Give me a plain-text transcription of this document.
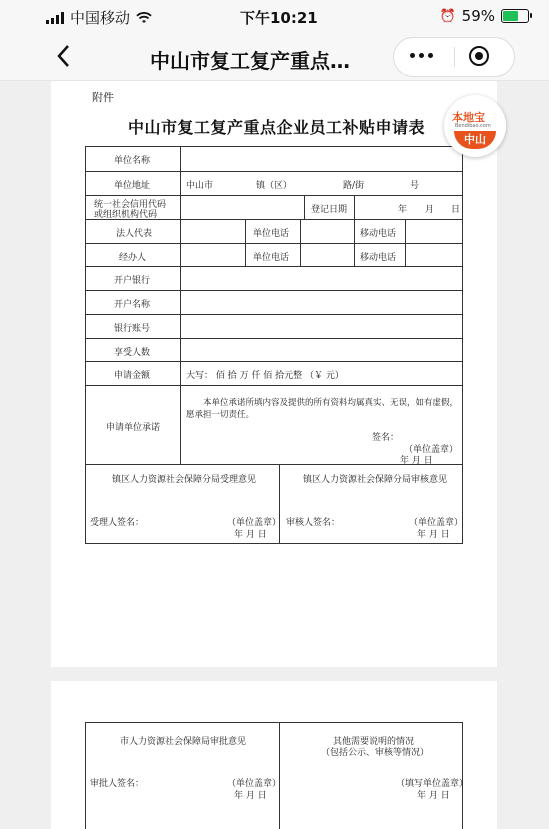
中国移动	下午10:21	⏰ 59%
中山市复工复产重点…
附件
中山市复工复产重点企业员工补贴申请表
单位名称
单位地址	中山市	镇（区）	路/街	号
统一社会信用代码
或组织机构代码	登记日期	年 月 日
法人代表	单位电话	移动电话
经办人	单位电话	移动电话
开户银行
开户名称
银行账号
享受人数
申请金额	大写： 佰 拾 万 仟 佰 拾元整 （￥ 元）
申请单位承诺
本单位承诺所填内容及提供的所有资料均属真实、无误，如有虚假，
愿承担一切责任。
签名：
（单位盖章）
年 月 日
镇区人力资源社会保障分局受理意见	镇区人力资源社会保障分局审核意见
受理人签名：	（单位盖章）
年 月 日
审核人签名：	（单位盖章）
年 月 日
本地宝
Bendibao.com
中山
市人力资源社会保障局审批意见	其他需要说明的情况
（包括公示、审核等情况）
审批人签名：	（单位盖章）
年 月 日
（填写单位盖章）
年 月 日
